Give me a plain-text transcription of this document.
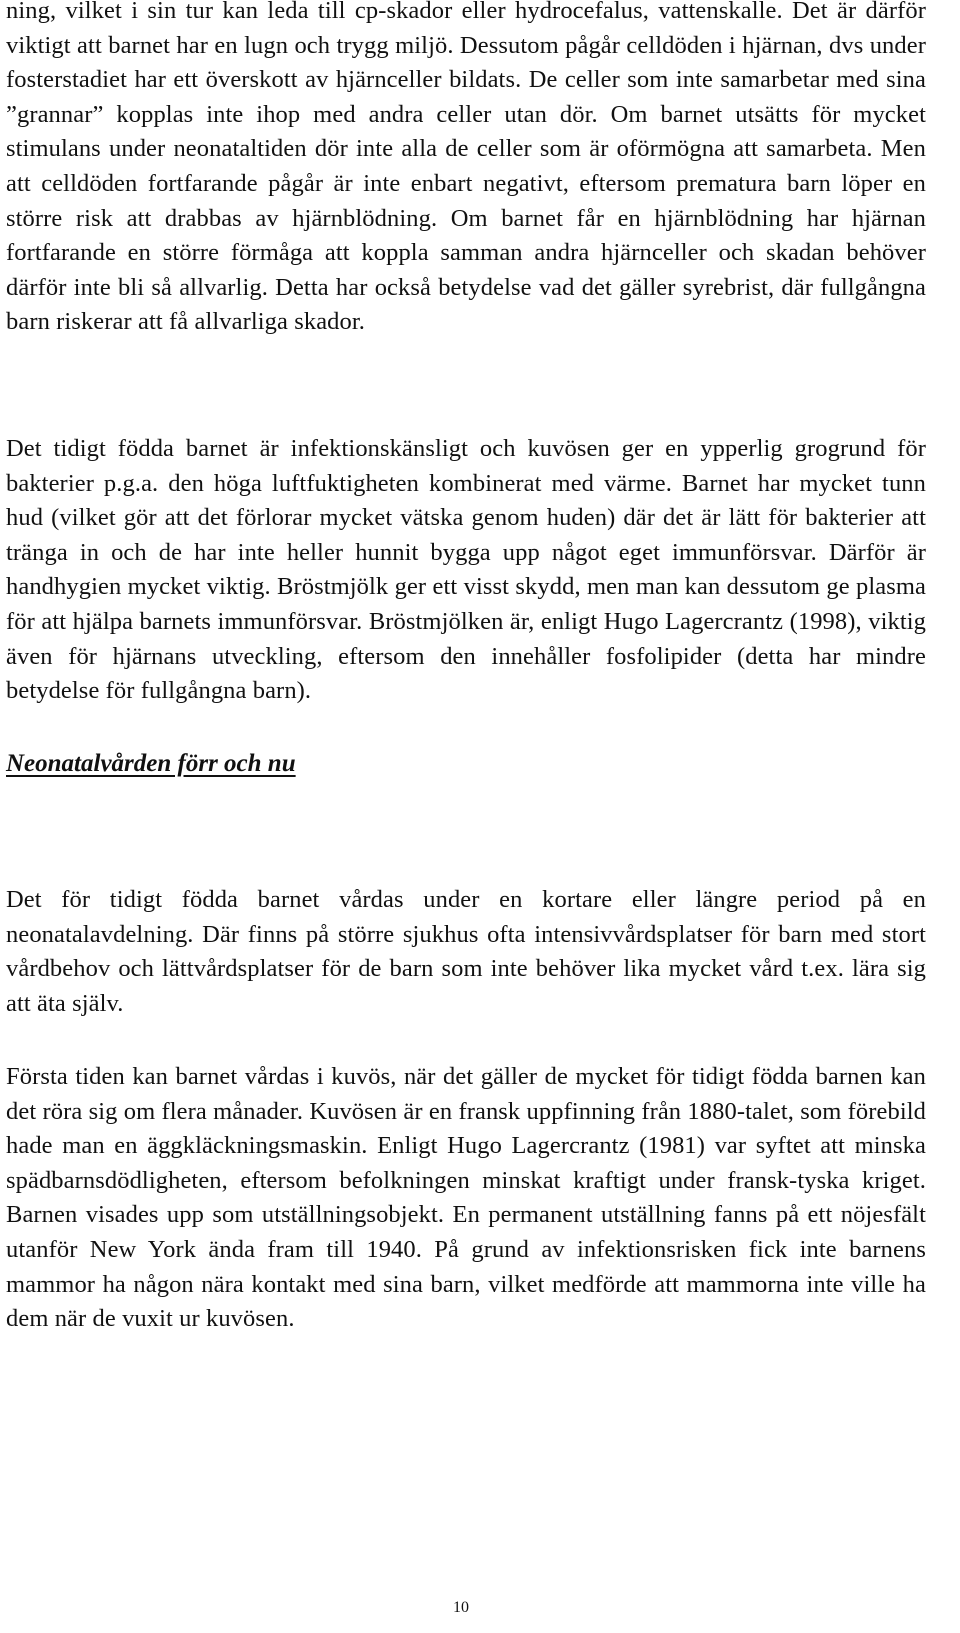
ning, vilket i sin tur kan leda till cp-skador eller hydrocefalus, vattenskalle. Det är därför viktigt att barnet har en lugn och trygg miljö. Dessutom pågår celldöden i hjärnan, dvs under fosterstadiet har ett överskott av hjärnceller bildats. De celler som inte samarbetar med sina ”grannar” kopplas inte ihop med andra celler utan dör. Om barnet utsätts för mycket stimulans under neonataltiden dör inte alla de celler som är oförmögna att samarbeta. Men att celldöden fortfarande pågår är inte enbart negativt, eftersom prematura barn löper en större risk att drabbas av hjärnblödning. Om barnet får en hjärnblödning har hjärnan fortfarande en större förmåga att koppla samman andra hjärnceller och skadan behöver därför inte bli så allvarlig. Detta har också betydelse vad det gäller syrebrist, där fullgångna barn riskerar att få allvarliga skador.

Det tidigt födda barnet är infektionskänsligt och kuvösen ger en ypperlig grogrund för bakterier p.g.a. den höga luftfuktigheten kombinerat med värme. Barnet har mycket tunn hud (vilket gör att det förlorar mycket vätska genom huden) där det är lätt för bakterier att tränga in och de har inte heller hunnit bygga upp något eget immunförsvar. Därför är handhygien mycket viktig. Bröstmjölk ger ett visst skydd, men man kan dessutom ge plasma för att hjälpa barnets immunförsvar. Bröstmjölken är, enligt Hugo Lagercrantz (1998), viktig även för hjärnans utveckling, eftersom den innehåller fosfolipider (detta har mindre betydelse för fullgångna barn).

Neonatalvården förr och nu

Det för tidigt födda barnet vårdas under en kortare eller längre period på en neonatalavdelning. Där finns på större sjukhus ofta intensivvårdsplatser för barn med stort vårdbehov och lättvårdsplatser för de barn som inte behöver lika mycket vård t.ex. lära sig att äta själv.

Första tiden kan barnet vårdas i kuvös, när det gäller de mycket för tidigt födda barnen kan det röra sig om flera månader. Kuvösen är en fransk uppfinning från 1880-talet, som förebild hade man en äggkläckningsmaskin. Enligt Hugo Lagercrantz (1981) var syftet att minska spädbarnsdödligheten, eftersom befolkningen minskat kraftigt under fransk-tyska kriget. Barnen visades upp som utställningsobjekt. En permanent utställning fanns på ett nöjesfält utanför New York ända fram till 1940. På grund av infektionsrisken fick inte barnens mammor ha någon nära kontakt med sina barn, vilket medförde att mammorna inte ville ha dem när de vuxit ur kuvösen.

10
